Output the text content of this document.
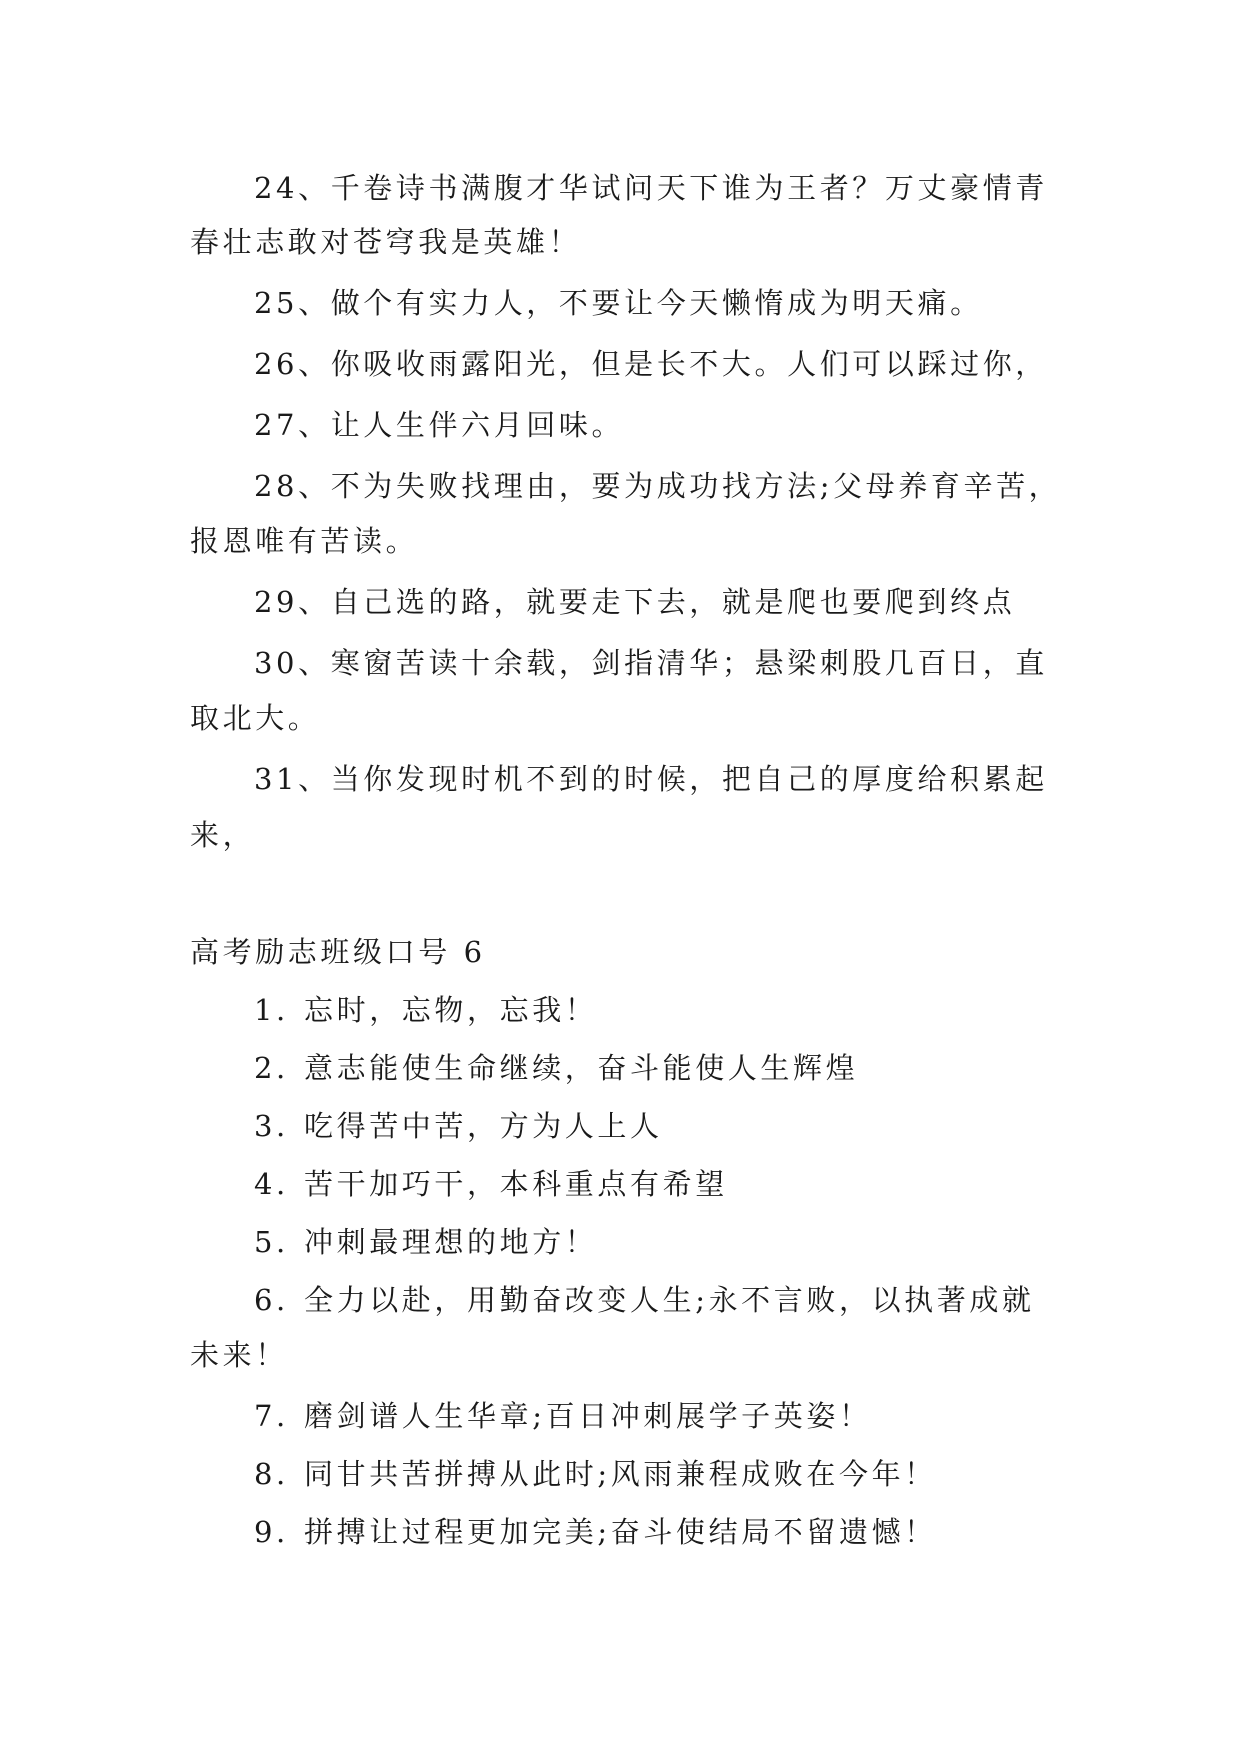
24、千卷诗书满腹才华试问天下谁为王者？万丈豪情青
春壮志敢对苍穹我是英雄！
25、做个有实力人，不要让今天懒惰成为明天痛。
26、你吸收雨露阳光，但是长不大。人们可以踩过你，
27、让人生伴六月回味。
28、不为失败找理由，要为成功找方法;父母养育辛苦，
报恩唯有苦读。
29、自己选的路，就要走下去，就是爬也要爬到终点
30、寒窗苦读十余载，剑指清华；悬梁刺股几百日，直
取北大。
31、当你发现时机不到的时候，把自己的厚度给积累起
来，
高考励志班级口号 6
1. 忘时，忘物，忘我！
2. 意志能使生命继续，奋斗能使人生辉煌
3. 吃得苦中苦，方为人上人
4. 苦干加巧干，本科重点有希望
5. 冲刺最理想的地方！
6. 全力以赴，用勤奋改变人生;永不言败，以执著成就
未来！
7. 磨剑谱人生华章;百日冲刺展学子英姿！
8. 同甘共苦拼搏从此时;风雨兼程成败在今年！
9. 拼搏让过程更加完美;奋斗使结局不留遗憾！
